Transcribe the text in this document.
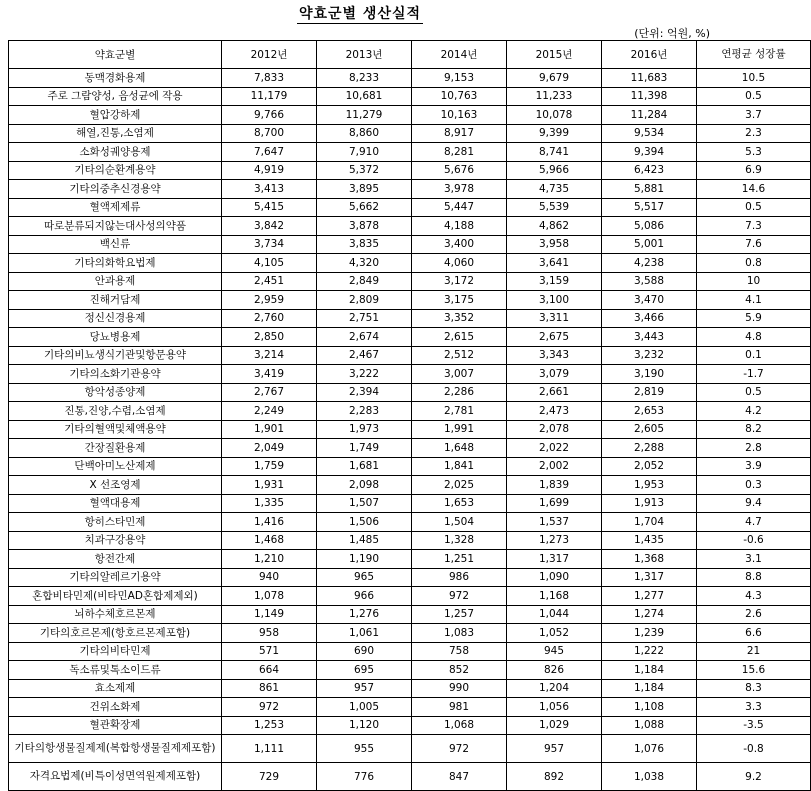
약효군별 생산실적
(단위: 억원, %)
약효군별	2012년	2013년	2014년	2015년	2016년	연평균 성장률
동맥경화용제	7,833	8,233	9,153	9,679	11,683	10.5
주로 그람양성, 음성균에 작용	11,179	10,681	10,763	11,233	11,398	0.5
혈압강하제	9,766	11,279	10,163	10,078	11,284	3.7
해열,진통,소염제	8,700	8,860	8,917	9,399	9,534	2.3
소화성궤양용제	7,647	7,910	8,281	8,741	9,394	5.3
기타의순환계용약	4,919	5,372	5,676	5,966	6,423	6.9
기타의중추신경용약	3,413	3,895	3,978	4,735	5,881	14.6
혈액제제류	5,415	5,662	5,447	5,539	5,517	0.5
따로분류되지않는대사성의약품	3,842	3,878	4,188	4,862	5,086	7.3
백신류	3,734	3,835	3,400	3,958	5,001	7.6
기타의화학요법제	4,105	4,320	4,060	3,641	4,238	0.8
안과용제	2,451	2,849	3,172	3,159	3,588	10
진해거담제	2,959	2,809	3,175	3,100	3,470	4.1
정신신경용제	2,760	2,751	3,352	3,311	3,466	5.9
당뇨병용제	2,850	2,674	2,615	2,675	3,443	4.8
기타의비뇨생식기관및항문용약	3,214	2,467	2,512	3,343	3,232	0.1
기타의소화기관용약	3,419	3,222	3,007	3,079	3,190	-1.7
항악성종양제	2,767	2,394	2,286	2,661	2,819	0.5
진통,진양,수렴,소염제	2,249	2,283	2,781	2,473	2,653	4.2
기타의혈액및체액용약	1,901	1,973	1,991	2,078	2,605	8.2
간장질환용제	2,049	1,749	1,648	2,022	2,288	2.8
단백아미노산제제	1,759	1,681	1,841	2,002	2,052	3.9
X 선조영제	1,931	2,098	2,025	1,839	1,953	0.3
혈액대용제	1,335	1,507	1,653	1,699	1,913	9.4
항히스타민제	1,416	1,506	1,504	1,537	1,704	4.7
치과구강용약	1,468	1,485	1,328	1,273	1,435	-0.6
항전간제	1,210	1,190	1,251	1,317	1,368	3.1
기타의알레르기용약	940	965	986	1,090	1,317	8.8
혼합비타민제(비타민AD혼합제제외)	1,078	966	972	1,168	1,277	4.3
뇌하수체호르몬제	1,149	1,276	1,257	1,044	1,274	2.6
기타의호르몬제(항호르몬제포함)	958	1,061	1,083	1,052	1,239	6.6
기타의비타민제	571	690	758	945	1,222	21
독소류및톡소이드류	664	695	852	826	1,184	15.6
효소제제	861	957	990	1,204	1,184	8.3
건위소화제	972	1,005	981	1,056	1,108	3.3
혈관확장제	1,253	1,120	1,068	1,029	1,088	-3.5
기타의항생물질제제(복합항생물질제제포함)	1,111	955	972	957	1,076	-0.8
자격요법제(비특이성면역원제제포함)	729	776	847	892	1,038	9.2
